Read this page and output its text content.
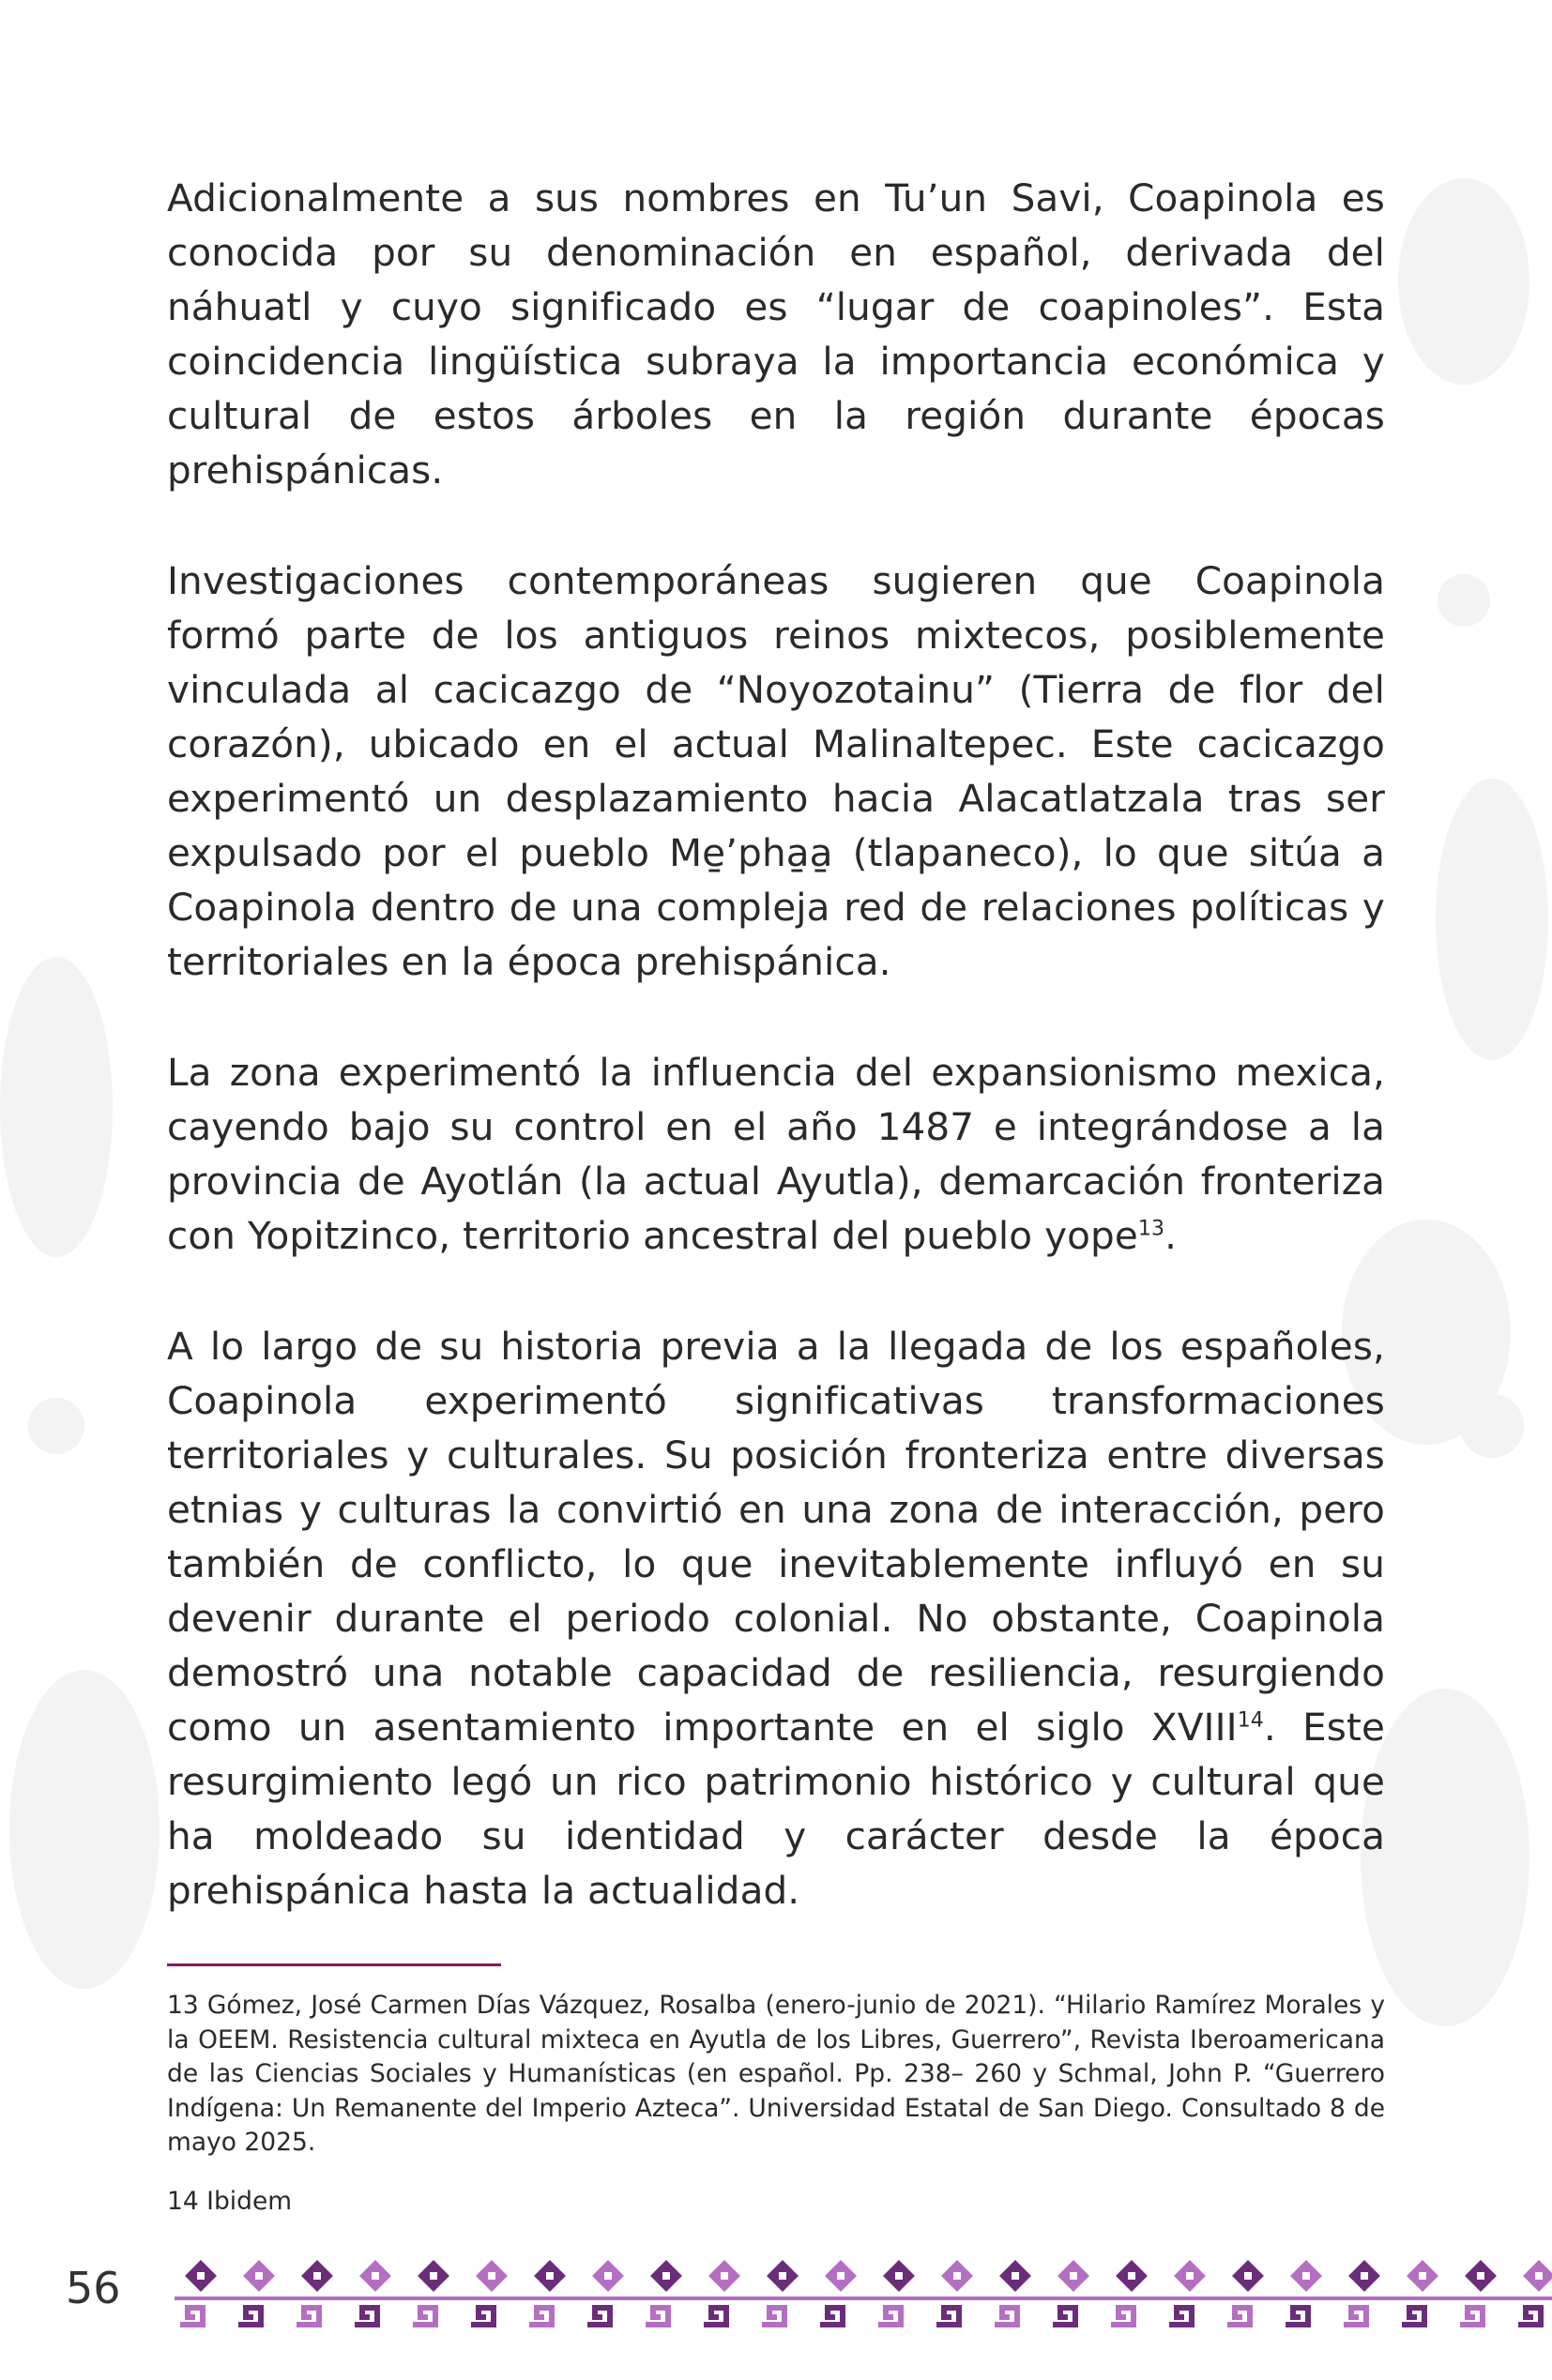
Adicionalmente a sus nombres en Tu’un Savi, Coapinola es conocida por su denominación en español, derivada del náhuatl y cuyo significado es “lugar de coapinoles”. Esta coincidencia lingüística subraya la importancia económica y cultural de estos árboles en la región durante épocas prehispánicas.

Investigaciones contemporáneas sugieren que Coapinola formó parte de los antiguos reinos mixtecos, posiblemente vinculada al cacicazgo de “Noyozotainu” (Tierra de flor del corazón), ubicado en el actual Malinaltepec. Este cacicazgo experimentó un desplazamiento hacia Alacatlatzala tras ser expulsado por el pueblo Me̱’pha̱a̱ (tlapaneco), lo que sitúa a Coapinola dentro de una compleja red de relaciones políticas y territoriales en la época prehispánica.

La zona experimentó la influencia del expansionismo mexica, cayendo bajo su control en el año 1487 e integrándose a la provincia de Ayotlán (la actual Ayutla), demarcación fronteriza con Yopitzinco, territorio ancestral del pueblo yope$^{13}$.

A lo largo de su historia previa a la llegada de los españoles, Coapinola experimentó significativas transformaciones territoriales y culturales. Su posición fronteriza entre diversas etnias y culturas la convirtió en una zona de interacción, pero también de conflicto, lo que inevitablemente influyó en su devenir durante el periodo colonial. No obstante, Coapinola demostró una notable capacidad de resiliencia, resurgiendo como un asentamiento importante en el siglo XVIII$^{14}$. Este resurgimiento legó un rico patrimonio histórico y cultural que ha moldeado su identidad y carácter desde la época prehispánica hasta la actualidad.

13 Gómez, José Carmen Días Vázquez, Rosalba (enero-junio de 2021). “Hilario Ramírez Morales y la OEEM. Resistencia cultural mixteca en Ayutla de los Libres, Guerrero”, Revista Iberoamericana de las Ciencias Sociales y Humanísticas (en español. Pp. 238– 260 y Schmal, John P. “Guerrero Indígena: Un Remanente del Imperio Azteca”. Universidad Estatal de San Diego. Consultado 8 de mayo 2025.

14 Ibidem

56
